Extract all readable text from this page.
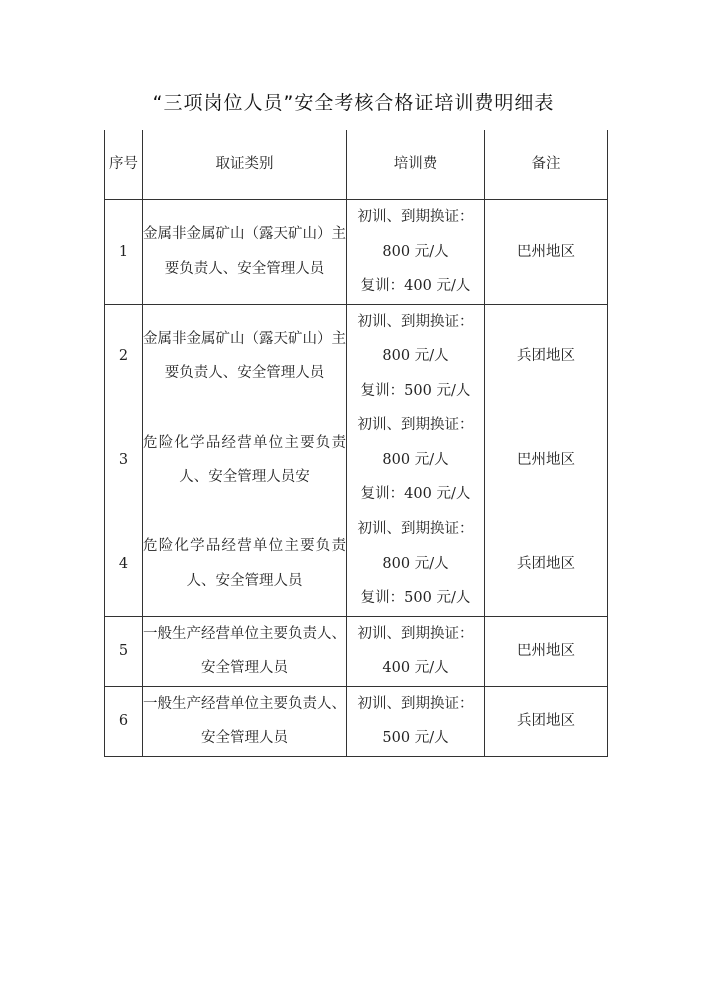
“三项岗位人员”安全考核合格证培训费明细表
序号	取证类别	培训费	备注
1	金属非金属矿山（露天矿山）主要负责人、安全管理人员	初训、到期换证：
800 元/人
复训：400 元/人	巴州地区
2	金属非金属矿山（露天矿山）主要负责人、安全管理人员	初训、到期换证：
800 元/人
复训：500 元/人	兵团地区
3	危险化学品经营单位主要负责人、安全管理人员安	初训、到期换证：
800 元/人
复训：400 元/人	巴州地区
4	危险化学品经营单位主要负责人、安全管理人员	初训、到期换证：
800 元/人
复训：500 元/人	兵团地区
5	一般生产经营单位主要负责人、安全管理人员	初训、到期换证：
400 元/人	巴州地区
6	一般生产经营单位主要负责人、安全管理人员	初训、到期换证：
500 元/人	兵团地区
